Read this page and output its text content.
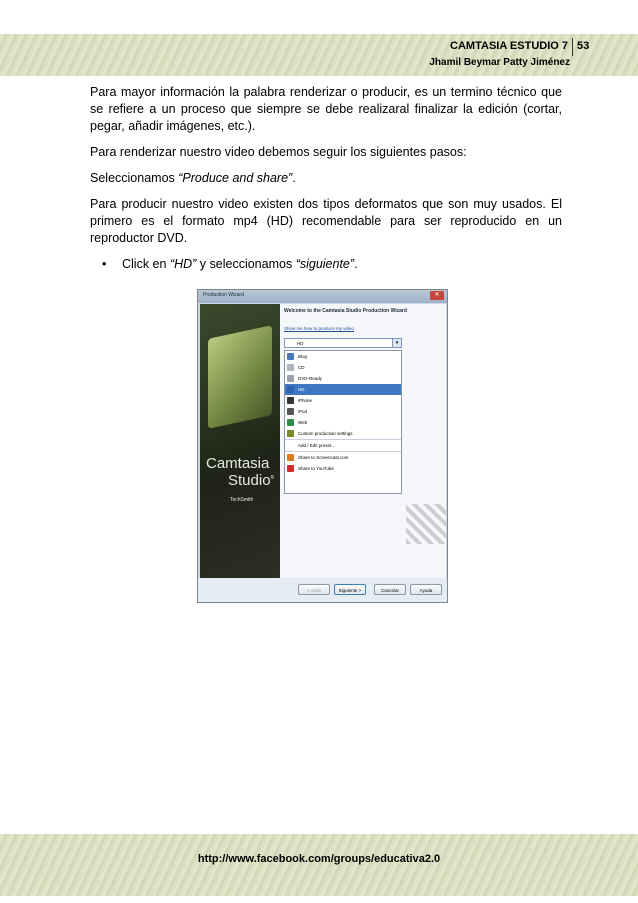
CAMTASIA ESTUDIO 7 53
Jhamil Beymar Patty Jiménez

Para mayor información la palabra renderizar o producir, es un termino técnico que se refiere a un proceso que siempre se debe realizaral finalizar la edición (cortar, pegar, añadir imágenes, etc.).

Para renderizar nuestro video debemos seguir los siguientes pasos:

Seleccionamos “Produce and share”.

Para producir nuestro video existen dos tipos deformatos que son muy usados. El primero es el formato mp4 (HD) recomendable para ser reproducido en un reproductor DVD.

•	Click en “HD” y seleccionamos “siguiente”.
Production Wizard	✕
Camtasia
Studio®
TechSmith
Welcome to the Camtasia Studio Production Wizard
Show me how to produce my video
HD	▾
Blog
CD
DVD-Ready
HD
iPhone
iPod
Web
Custom production settings
Add / Edit preset...
Share to Screencast.com
Share to YouTube
< Atrás	Siguiente >	Cancelar	Ayuda
http://www.facebook.com/groups/educativa2.0
